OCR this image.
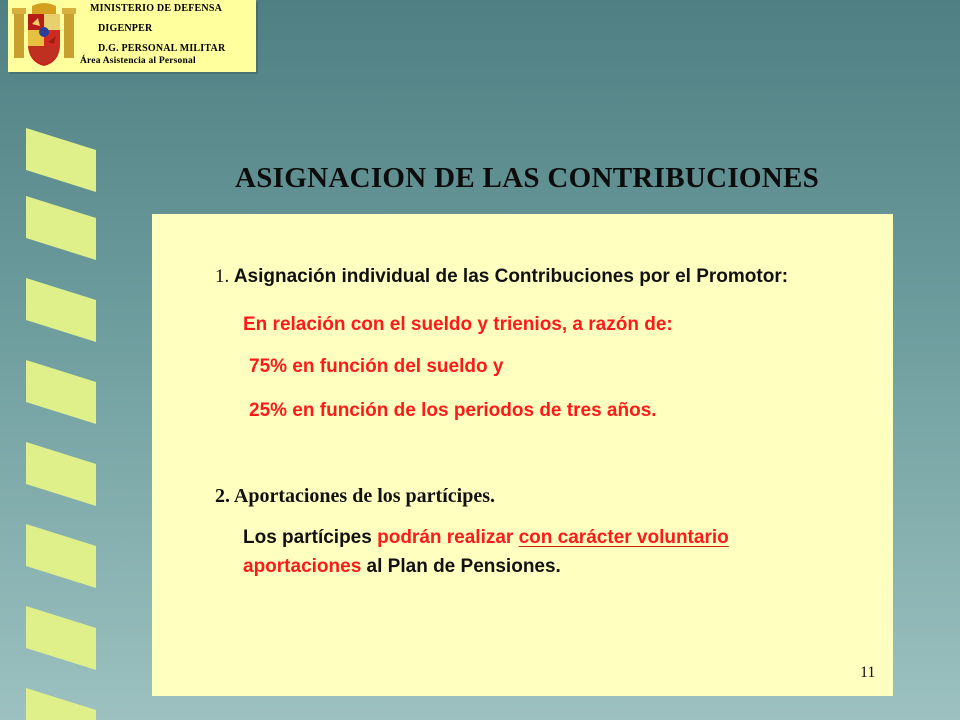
MINISTERIO DE DEFENSA
DIGENPER
D.G. PERSONAL MILITAR
Área Asistencia al Personal
ASIGNACION DE LAS CONTRIBUCIONES
1. Asignación individual de las Contribuciones por el Promotor:
En relación con el sueldo y trienios, a razón de:
75% en función del sueldo y
25% en función de los periodos de tres años.
2. Aportaciones de los partícipes.
Los partícipes podrán realizar con carácter voluntario
aportaciones al Plan de Pensiones.
11
